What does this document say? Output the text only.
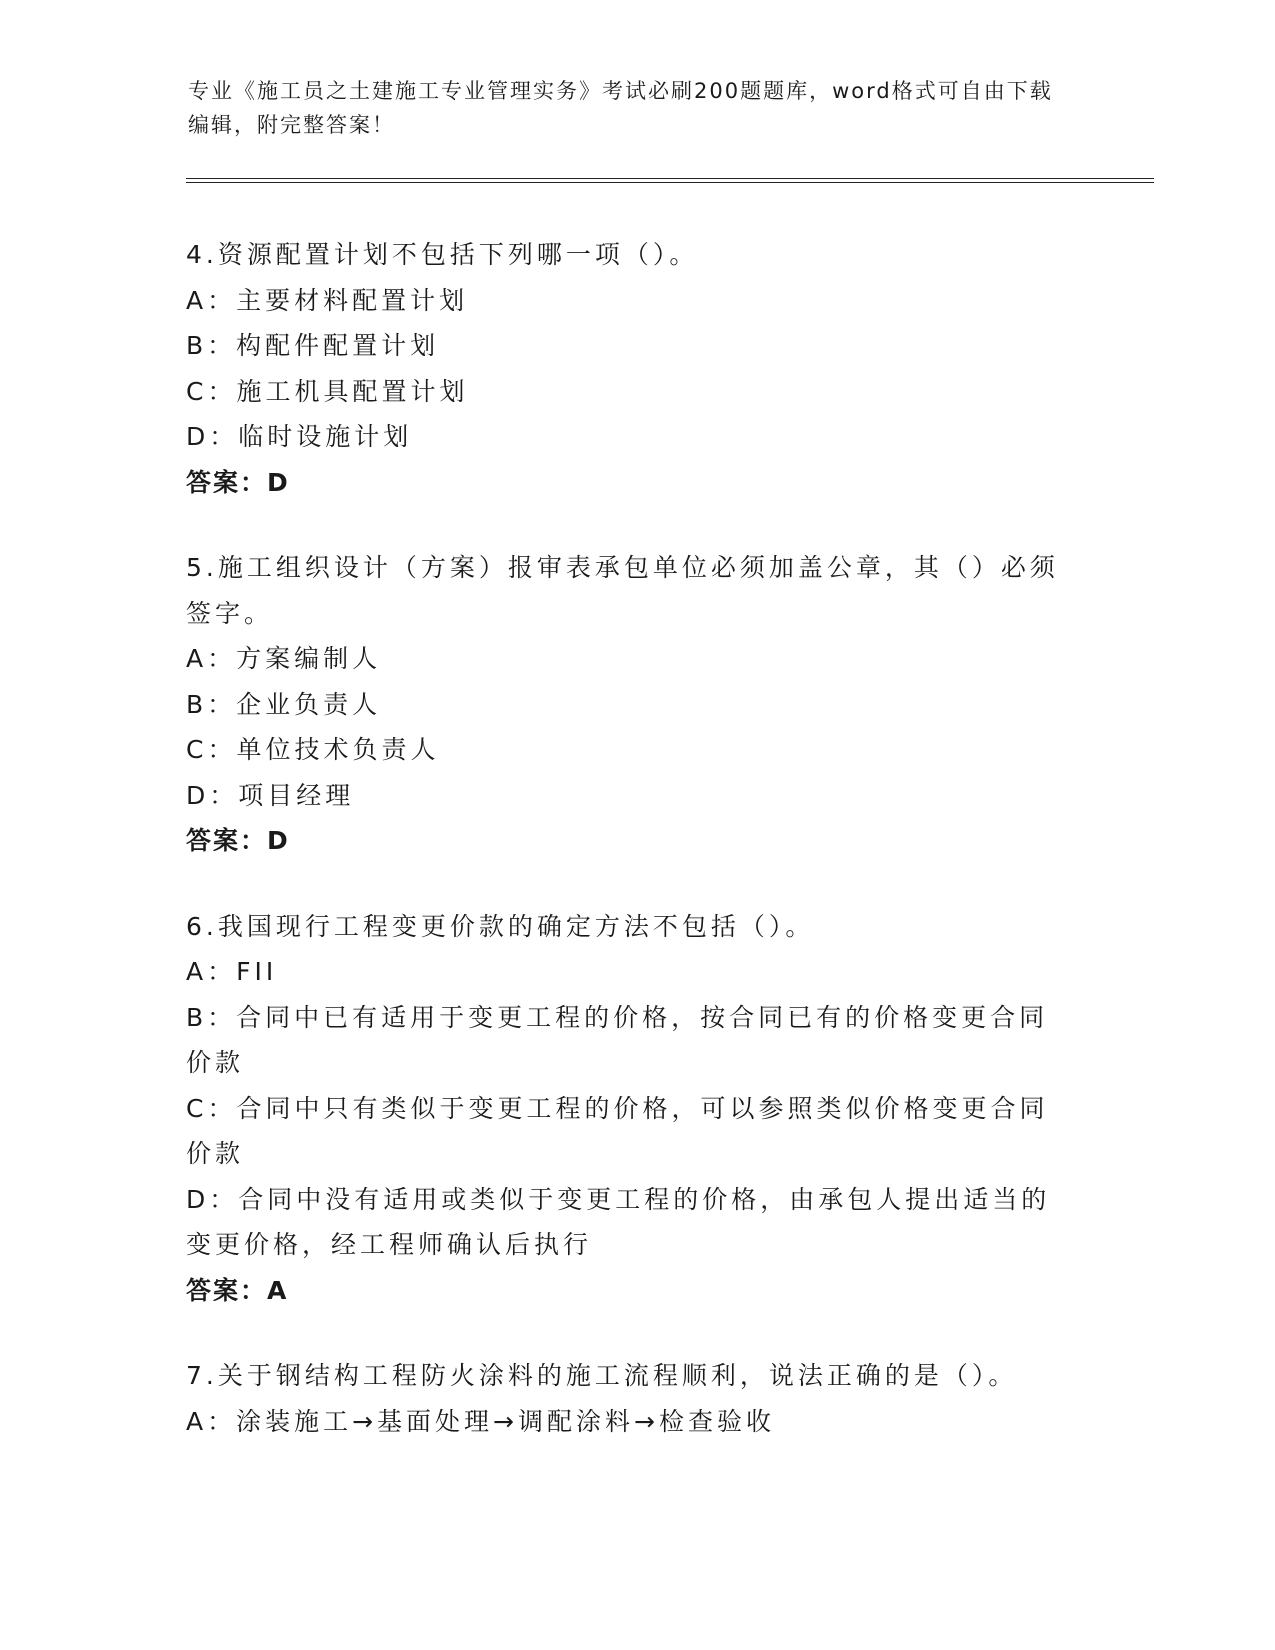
专业《施工员之土建施工专业管理实务》考试必刷200题题库，word格式可自由下载编辑，附完整答案！
4.资源配置计划不包括下列哪一项（）。
A：主要材料配置计划
B：构配件配置计划
C：施工机具配置计划
D：临时设施计划
答案：D
5.施工组织设计（方案）报审表承包单位必须加盖公章，其（）必须签字。
A：方案编制人
B：企业负责人
C：单位技术负责人
D：项目经理
答案：D
6.我国现行工程变更价款的确定方法不包括（）。
A：FII
B：合同中已有适用于变更工程的价格，按合同已有的价格变更合同价款
C：合同中只有类似于变更工程的价格，可以参照类似价格变更合同价款
D：合同中没有适用或类似于变更工程的价格，由承包人提出适当的变更价格，经工程师确认后执行
答案：A
7.关于钢结构工程防火涂料的施工流程顺利，说法正确的是（）。
A：涂装施工→基面处理→调配涂料→检查验收
